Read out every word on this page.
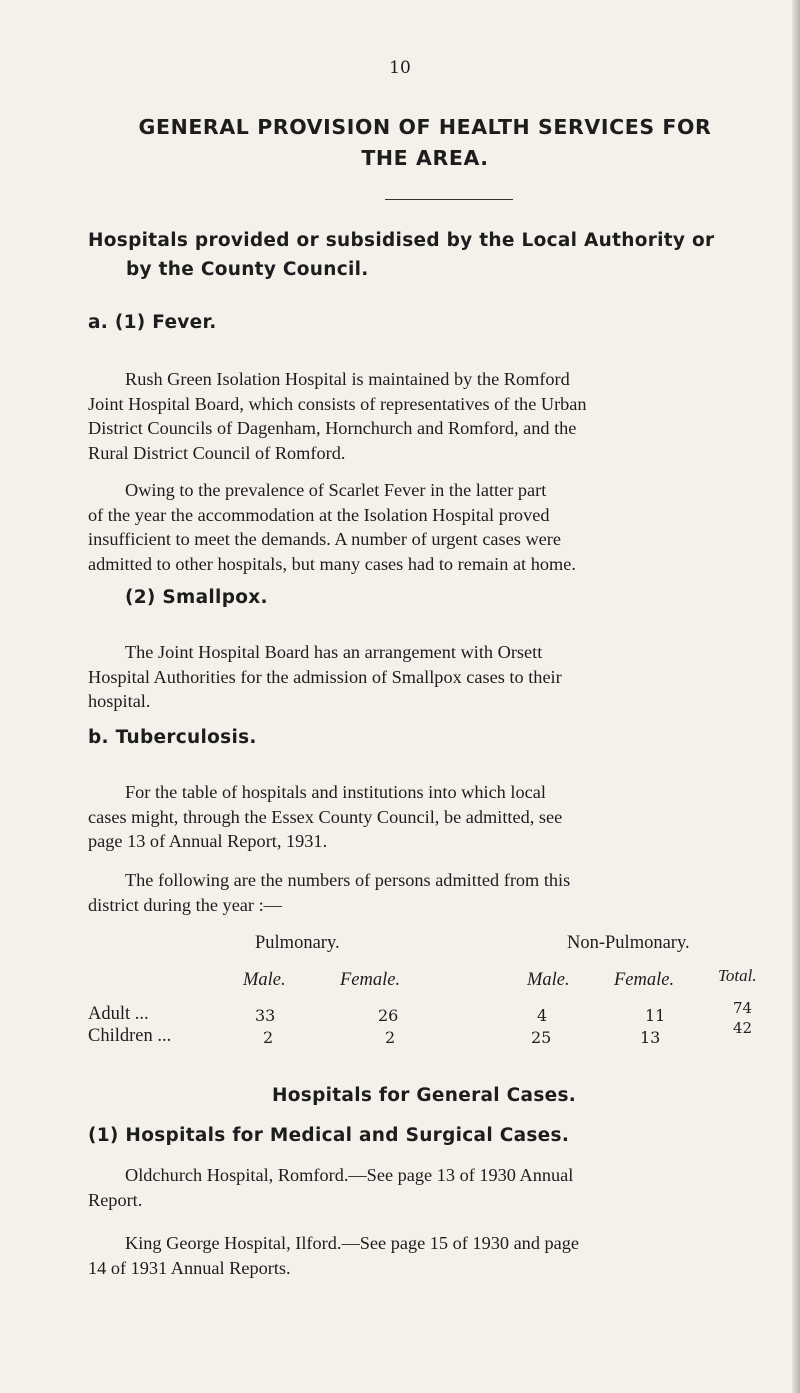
10
GENERAL PROVISION OF HEALTH SERVICES FOR
THE AREA.
Hospitals provided or subsidised by the Local Authority or
by the County Council.
a. (1) Fever.

Rush Green Isolation Hospital is maintained by the Romford

Joint Hospital Board, which consists of representatives of the Urban

District Councils of Dagenham, Hornchurch and Romford, and the

Rural District Council of Romford.

Owing to the prevalence of Scarlet Fever in the latter part

of the year the accommodation at the Isolation Hospital proved

insufficient to meet the demands. A number of urgent cases were

admitted to other hospitals, but many cases had to remain at home.

(2) Smallpox.

The Joint Hospital Board has an arrangement with Orsett

Hospital Authorities for the admission of Smallpox cases to their

hospital.

b. Tuberculosis.

For the table of hospitals and institutions into which local

cases might, through the Essex County Council, be admitted, see

page 13 of Annual Report, 1931.

The following are the numbers of persons admitted from this

district during the year :—

Pulmonary.	Non-Pulmonary.
Male.	Female.	Male. Female.	Total.
Adult ...	33	26	4	11	74
Children ...	2	2	25	13	42
Hospitals for General Cases.
(1) Hospitals for Medical and Surgical Cases.

Oldchurch Hospital, Romford.—See page 13 of 1930 Annual

Report.

King George Hospital, Ilford.—See page 15 of 1930 and page

14 of 1931 Annual Reports.
